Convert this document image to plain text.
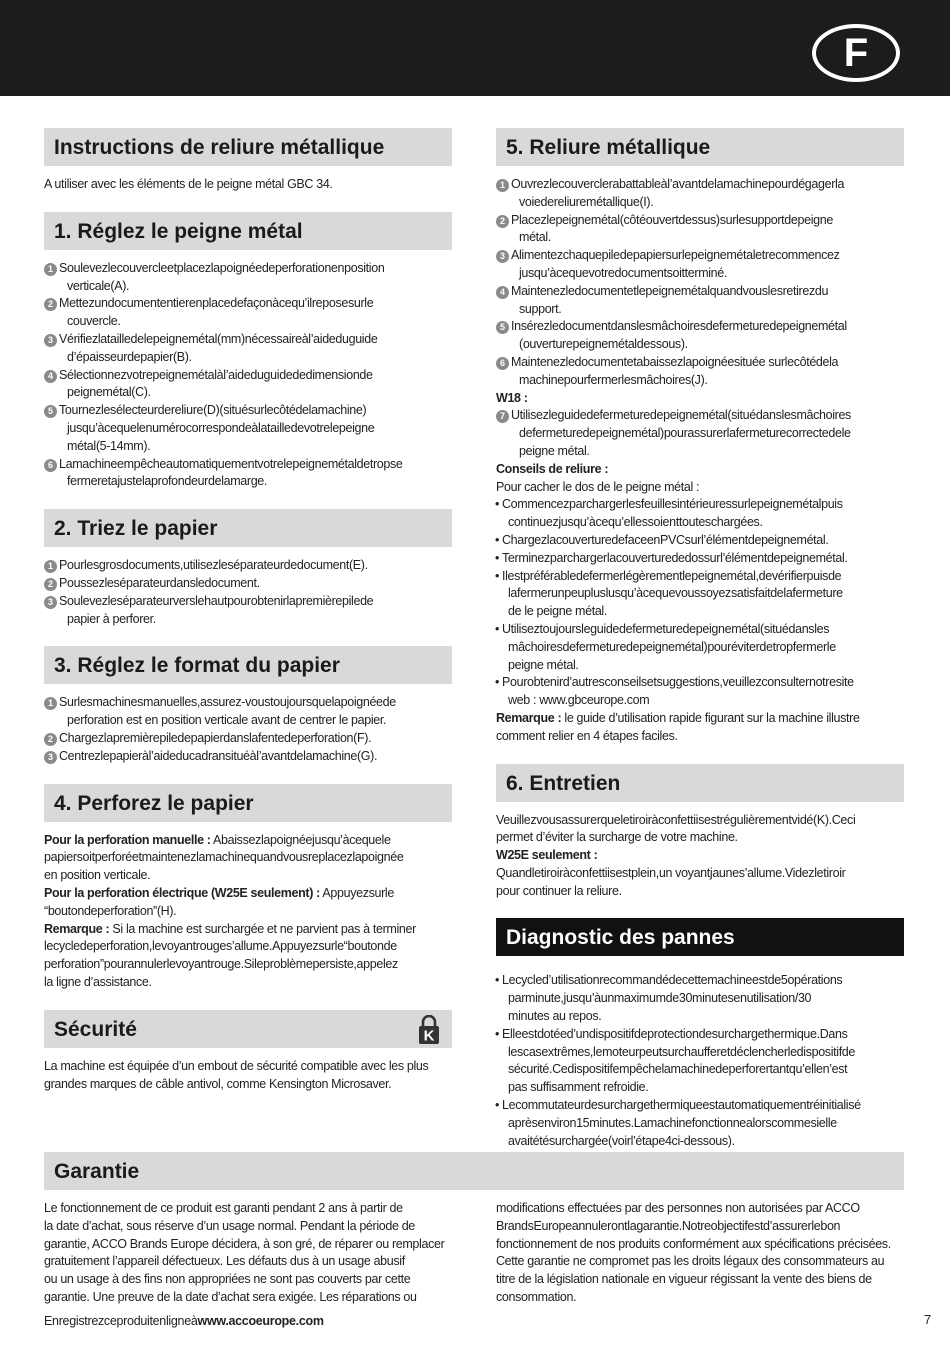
F
Instructions de reliure métallique

A utiliser avec les éléments de le peigne métal GBC 34.

1. Réglez le peigne métal
1 Soulevezlecouvercleetplacezlapoignéedeperforationenposition
verticale(A).
2 Mettezundocumententierenplacedefaçonàcequ’ilreposesurle
couvercle.
3 Vérifiezlatailledelepeignemétal(mm)nécessaireàl’aideduguide
d’épaisseurdepapier(B).
4 Sélectionnezvotrepeignemétalàl’aideduguidededimensionde
peignemétal(C).
5 Tournezlesélecteurdereliure(D)(situésurlecôtédelamachine)
jusqu’àcequelenumérocorrespondeàlatailledevotrelepeigne
métal(5-14mm).
6 Lamachineempêcheautomatiquementvotrelepeignemétaldetropse
fermeretajustelaprofondeurdelamarge.
2. Triez le papier
1 Pourlesgrosdocuments,utilisezleséparateurdedocument(E).
2 Poussezleséparateurdansledocument.
3 Soulevezleséparateurverslehautpourobtenirlapremièrepilede
papier à perforer.
3. Réglez le format du papier
1 Surlesmachinesmanuelles,assurez-voustoujoursquelapoignéede
perforation est en position verticale avant de centrer le papier.
2 Chargezlapremièrepiledepapierdanslafentedeperforation(F).
3 Centrezlepapieràl’aideducadransituéàl’avantdelamachine(G).
4. Perforez le papier

Pour la perforation manuelle : Abaissezlapoignéejusqu’àcequele
papiersoitperforéetmaintenezlamachinequandvousreplacezlapoignée
en position verticale.

Pour la perforation électrique (W25E seulement) : Appuyezsurle
“boutondeperforation”(H).

Remarque : Si la machine est surchargée et ne parvient pas à terminer
lecycledeperforation,levoyantrouges’allume.Appuyezsurle“boutonde
perforation”pourannulerlevoyantrouge.Sileproblèmepersiste,appelez
la ligne d’assistance.

Sécurité	K

La machine est équipée d’un embout de sécurité compatible avec les plus

grandes marques de câble antivol, comme Kensington Microsaver.

5. Reliure métallique
1 Ouvrezlecouverclerabattableàl’avantdelamachinepourdégagerla
voiedereliuremétallique(I).
2 Placezlepeignemétal(côtéouvertdessus)surlesupportdepeigne
métal.
3 Alimentezchaquepiledepapiersurlepeignemétaletrecommencez
jusqu’àcequevotredocumentsoitterminé.
4 Maintenezledocumentetlepeignemétalquandvouslesretirezdu
support.
5 Insérezledocumentdanslesmâchoiresdefermeturedepeignemétal
(ouverturepeignemétaldessous).
6 Maintenezledocumentetabaissezlapoignéesituée surlecôtédela
machinepourfermerlesmâchoires(J).
W18 :
7 Utilisezleguidedefermeturedepeignemétal(situédanslesmâchoires
defermeturedepeignemétal)pourassurerlafermeturecorrectedele
peigne métal.
Conseils de reliure :

Pour cacher le dos de le peigne métal :

• Commencezparchargerlesfeuillesintérieuressurlepeignemétalpuis
continuezjusqu’àcequ’ellessoienttoutesch​argées.
• ChargezlacouverturedefaceenPVCsurl’élémentdepeignemétal.
• Terminezparchargerlacouverturededossurl’élémentdepeignemétal.
• Ilestpréférabledefermerlégèrementlepeignemétal,devérifierpuisde
lafermerunpeupluslusqu’àcequevoussoyezsatisfaitdelafermeture
de le peigne métal.
• Utilisezt​oujoursleguidedefermeturedepeignemétal(situédansles
mâchoiresdefermeturedepeignemétal)pouréviterdetropfermerle
peigne métal.
• Pourobtenird’autresconseilsetsuggestions,veuillezconsulternotresite
web : www.gbceurope.com

Remarque : le guide d’utilisation rapide figurant sur la machine illustre
comment relier en 4 étapes faciles.

6. Entretien

Veuillezvousassurerqueletiroiràconfettiisestrégulièrementvidé(K).Ceci

permet d’éviter la surcharge de votre machine.

W25E seulement :

Quandletiroiràconfettiisestplein,un voyantjaunes’allume.Videzletiroir

pour continuer la reliure.

Diagnostic des pannes
• Lecycled’utilisationrecommandédecettemachineestde5opérations
parminute,jusqu’àunmaximumde30minutesenutilisation/30
minutes au repos.
• Elleestdotéed’undispositifdeprotectiondesurchargethermique.Dans
lescasextrêmes,lemoteurpeutsurchaufferetdéclencherledispositifde
sécurité.Cedispositifempêchelamachinedeperforertantqu’ellen’est
pas suffisamment refroidie.
• Lecommutateurdesurchargethermiqueestautomatiquementréinitialisé
aprèsenviron15minutes.Lamachinefonctionnealorscommesielle
avaitétésurchargée(voirl’étape4ci-dessous).
Garantie

Le fonctionnement de ce produit est garanti pendant 2 ans à partir de

la date d’achat, sous réserve d’un usage normal. Pendant la période de

garantie, ACCO Brands Europe décidera, à son gré, de réparer ou remplacer

gratuitement l’appareil défectueux. Les défauts dus à un usage abusif

ou un usage à des fins non appropriées ne sont pas couverts par cette

garantie. Une preuve de la date d’achat sera exigée. Les réparations ou

modifications effectuées par des personnes non autorisées par ACCO

BrandsEuropeannulerontlagarantie.Notreobjectifestd’assurerlebon

fonctionnement de nos produits conformément aux spécifications précisées.

Cette garantie ne compromet pas les droits légaux des consommateurs au

titre de la législation nationale en vigueur régissant la vente des biens de

consommation.

Enregistrezceproduitenligneàwww.accoeurope.com	7
